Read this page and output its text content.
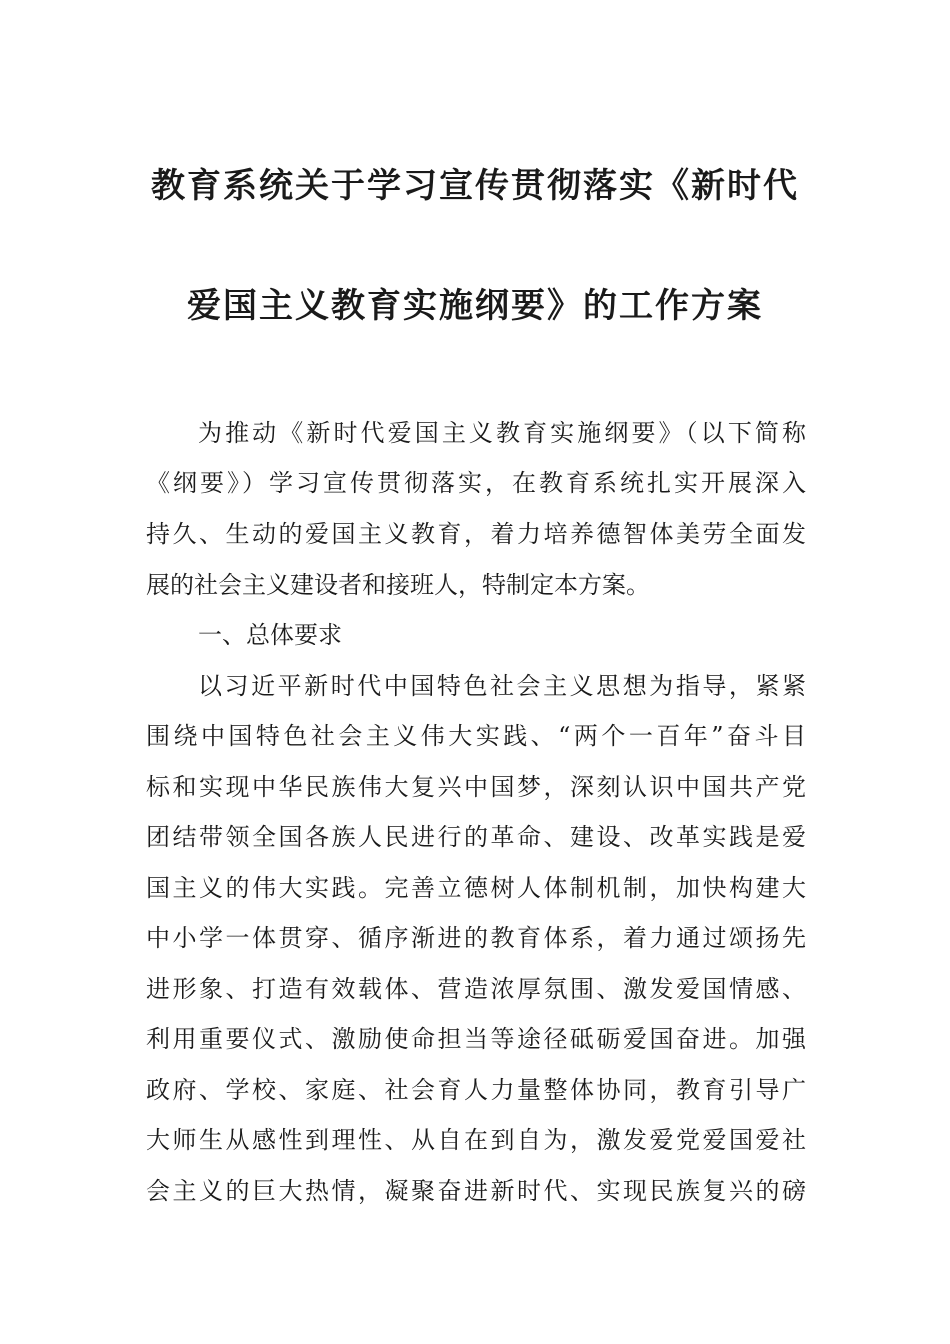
教育系统关于学习宣传贯彻落实《新时代
爱国主义教育实施纲要》的工作方案
为推动《新时代爱国主义教育实施纲要》（以下简称
《纲要》）学习宣传贯彻落实，在教育系统扎实开展深入
持久、生动的爱国主义教育，着力培养德智体美劳全面发
展的社会主义建设者和接班人，特制定本方案。
一、总体要求
以习近平新时代中国特色社会主义思想为指导，紧紧
围绕中国特色社会主义伟大实践、“两个一百年”奋斗目
标和实现中华民族伟大复兴中国梦，深刻认识中国共产党
团结带领全国各族人民进行的革命、建设、改革实践是爱
国主义的伟大实践。完善立德树人体制机制，加快构建大
中小学一体贯穿、循序渐进的教育体系，着力通过颂扬先
进形象、打造有效载体、营造浓厚氛围、激发爱国情感、
利用重要仪式、激励使命担当等途径砥砺爱国奋进。加强
政府、学校、家庭、社会育人力量整体协同，教育引导广
大师生从感性到理性、从自在到自为，激发爱党爱国爱社
会主义的巨大热情，凝聚奋进新时代、实现民族复兴的磅
